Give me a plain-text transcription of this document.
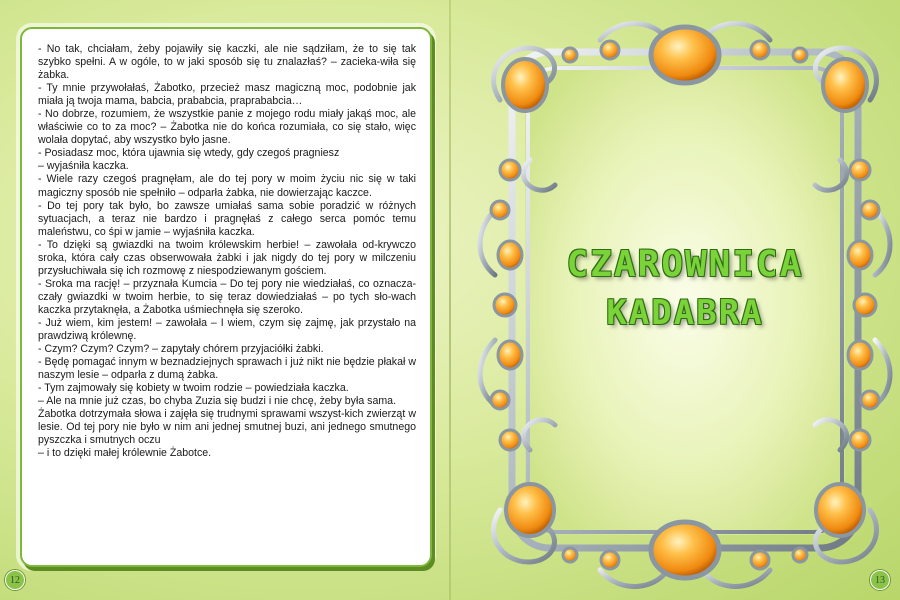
- No tak, chciałam, żeby pojawiły się kaczki, ale nie sądziłam, że to się tak szybko spełni. A w ogóle, to w jaki sposób się tu znalazłaś? – zacieka-wiła się żabka.

- Ty mnie przywołałaś, Żabotko, przecież masz magiczną moc, podobnie jak miała ją twoja mama, babcia, prababcia, praprababcia…

- No dobrze, rozumiem, że wszystkie panie z mojego rodu miały jakąś moc, ale właściwie co to za moc? – Żabotka nie do końca rozumiała, co się stało, więc wolała dopytać, aby wszystko było jasne.

- Posiadasz moc, która ujawnia się wtedy, gdy czegoś pragniesz

– wyjaśniła kaczka.

- Wiele razy czegoś pragnęłam, ale do tej pory w moim życiu nic się w taki magiczny sposób nie spełniło – odparła żabka, nie dowierzając kaczce.

- Do tej pory tak było, bo zawsze umiałaś sama sobie poradzić w różnych sytuacjach, a teraz nie bardzo i pragnęłaś z całego serca pomóc temu maleństwu, co śpi w jamie – wyjaśniła kaczka.

- To dzięki są gwiazdki na twoim królewskim herbie! – zawołała od-krywczo sroka, która cały czas obserwowała żabki i jak nigdy do tej pory w milczeniu przysłuchiwała się ich rozmowę z niespodziewanym gościem.

- Sroka ma rację! – przyznała Kumcia – Do tej pory nie wiedziałaś, co oznacza-czały gwiazdki w twoim herbie, to się teraz dowiedziałaś – po tych sło-wach kaczka przytaknęła, a Żabotka uśmiechnęła się szeroko.

- Już wiem, kim jestem! – zawołała – I wiem, czym się zajmę, jak przystało na prawdziwą królewnę.

- Czym? Czym? Czym? – zapytały chórem przyjaciółki żabki.

- Będę pomagać innym w beznadziejnych sprawach i już nikt nie będzie płakał w naszym lesie – odparła z dumą żabka.

- Tym zajmowały się kobiety w twoim rodzie – powiedziała kaczka.

– Ale na mnie już czas, bo chyba Zuzia się budzi i nie chcę, żeby była sama.

Żabotka dotrzymała słowa i zajęła się trudnymi sprawami wszyst-kich zwierząt w lesie. Od tej pory nie było w nim ani jednej smutnej buzi, ani jednego smutnego pyszczka i smutnych oczu

– i to dzięki małej królewnie Żabotce.

12
CZAROWNICA
KADABRA
13
